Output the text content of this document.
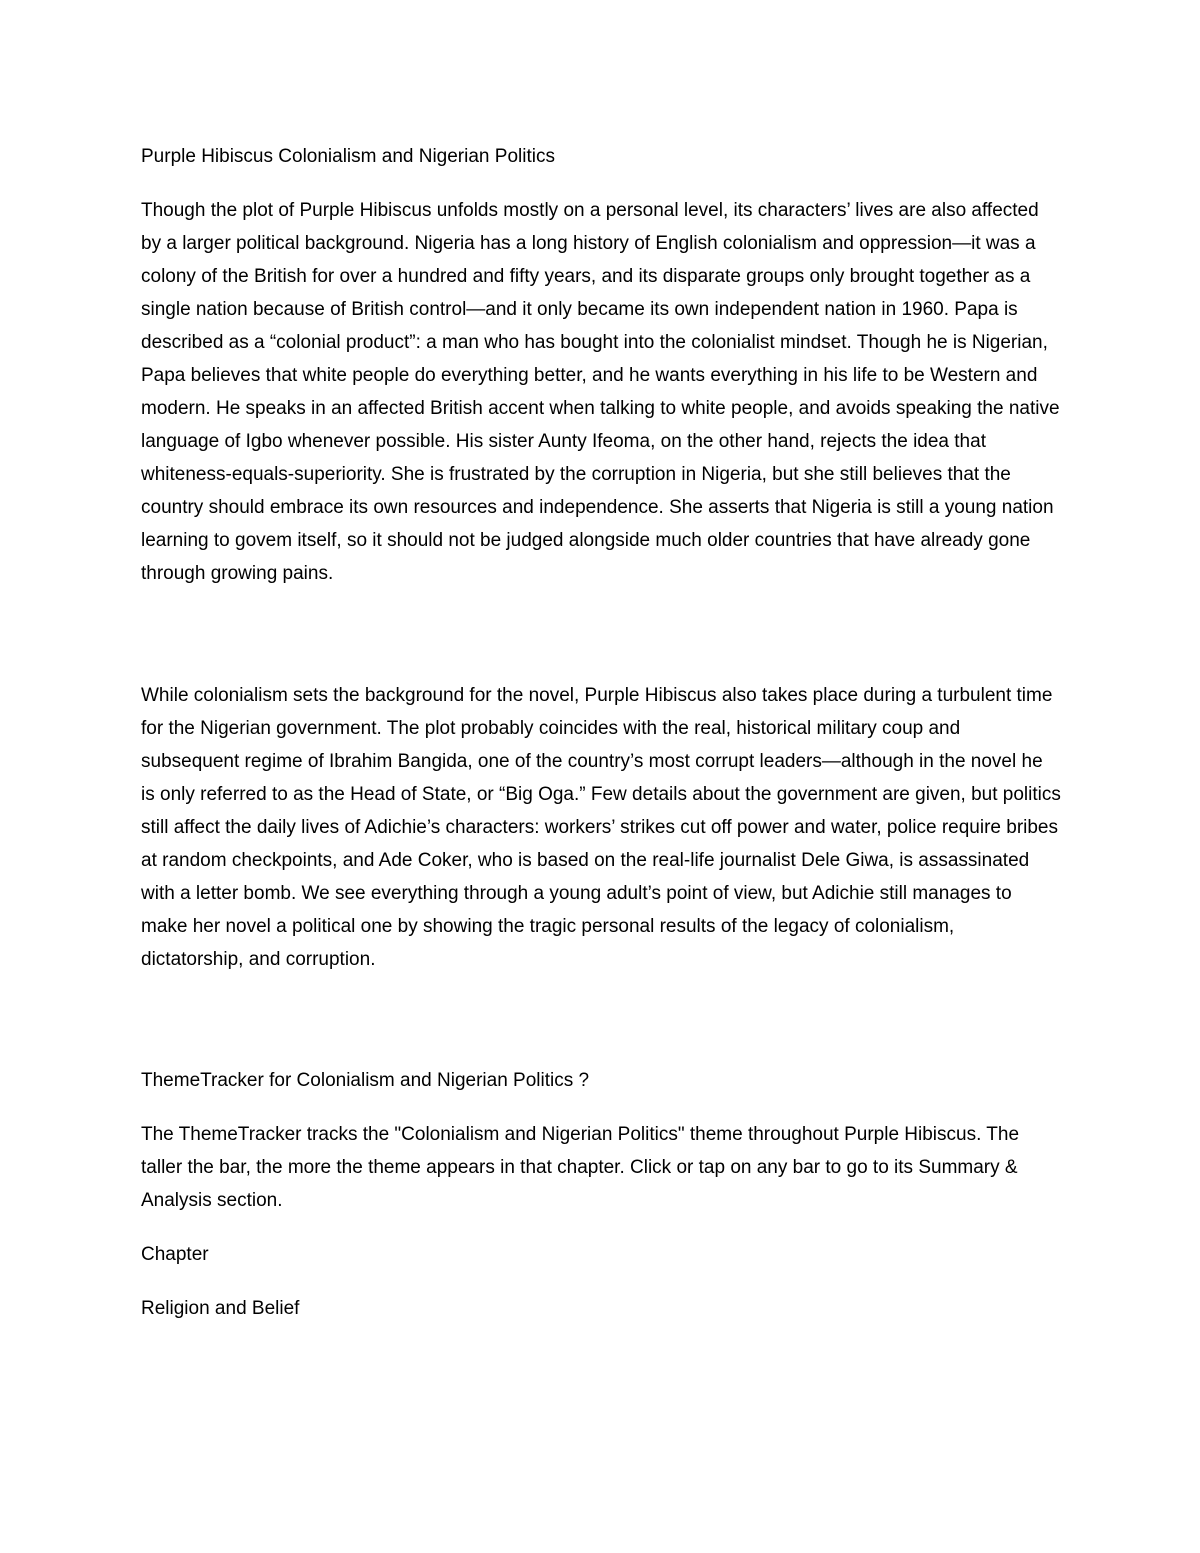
Purple Hibiscus Colonialism and Nigerian Politics

Though the plot of Purple Hibiscus unfolds mostly on a personal level, its characters’ lives are also affected by a larger political background. Nigeria has a long history of English colonialism and oppression—it was a colony of the British for over a hundred and fifty years, and its disparate groups only brought together as a single nation because of British control—and it only became its own independent nation in 1960. Papa is described as a “colonial product”: a man who has bought into the colonialist mindset. Though he is Nigerian, Papa believes that white people do everything better, and he wants everything in his life to be Western and modern. He speaks in an affected British accent when talking to white people, and avoids speaking the native language of Igbo whenever possible. His sister Aunty Ifeoma, on the other hand, rejects the idea that whiteness-equals-superiority. She is frustrated by the corruption in Nigeria, but she still believes that the country should embrace its own resources and independence. She asserts that Nigeria is still a young nation learning to govem itself, so it should not be judged alongside much older countries that have already gone through growing pains.

While colonialism sets the background for the novel, Purple Hibiscus also takes place during a turbulent time for the Nigerian government. The plot probably coincides with the real, historical military coup and subsequent regime of Ibrahim Bangida, one of the country’s most corrupt leaders—although in the novel he is only referred to as the Head of State, or “Big Oga.” Few details about the government are given, but politics still affect the daily lives of Adichie’s characters: workers’ strikes cut off power and water, police require bribes at random checkpoints, and Ade Coker, who is based on the real-life journalist Dele Giwa, is assassinated with a letter bomb. We see everything through a young adult’s point of view, but Adichie still manages to make her novel a political one by showing the tragic personal results of the legacy of colonialism, dictatorship, and corruption.

ThemeTracker for Colonialism and Nigerian Politics ?

The ThemeTracker tracks the "Colonialism and Nigerian Politics" theme throughout Purple Hibiscus. The taller the bar, the more the theme appears in that chapter. Click or tap on any bar to go to its Summary & Analysis section.

Chapter

Religion and Belief
